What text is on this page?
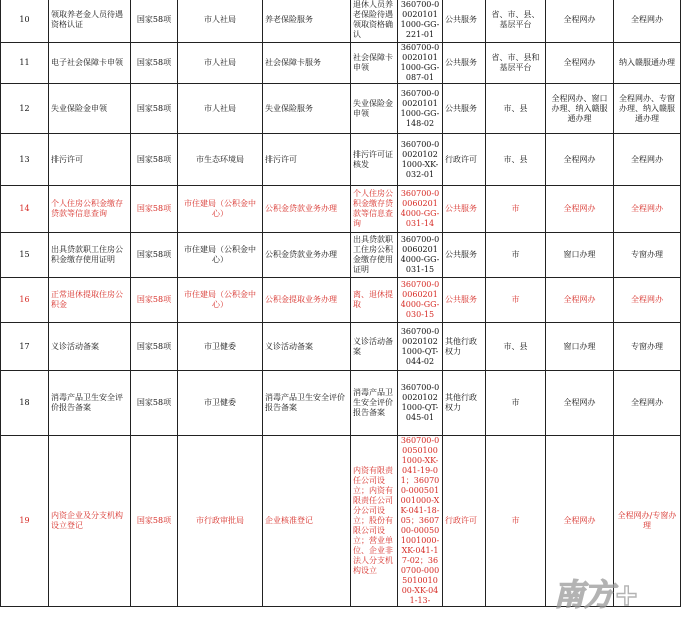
10	领取养老金人员待遇资格认证	国家58项	市人社局	养老保险服务	退休人员养老保险待遇领取资格确认	360700-000201011000-GG-221-01	公共服务	省、市、县、基层平台	全程网办	全程网办
11	电子社会保障卡申领	国家58项	市人社局	社会保障卡服务	社会保障卡申领	360700-000201011000-GG-087-01	公共服务	省、市、县和基层平台	全程网办	纳入赣服通办理
12	失业保险金申领	国家58项	市人社局	失业保险服务	失业保险金申领	360700-000201011000-GG-148-02	公共服务	市、县	全程网办、窗口办理、纳入赣服通办理	全程网办、专窗办理、纳入赣服通办理
13	排污许可	国家58项	市生态环境局	排污许可	排污许可证核发	360700-000201021000-XK-032-01	行政许可	市、县	全程网办	全程网办
14	个人住房公积金缴存贷款等信息查询	国家58项	市住建局（公积金中心）	公积金贷款业务办理	个人住房公积金缴存贷款等信息查询	360700-000602014000-GG-031-14	公共服务	市	全程网办	全程网办
15	出具贷款职工住房公积金缴存使用证明	国家58项	市住建局（公积金中心）	公积金贷款业务办理	出具贷款职工住房公积金缴存使用证明	360700-000602014000-GG-031-15	公共服务	市	窗口办理	专窗办理
16	正常退休提取住房公积金	国家58项	市住建局（公积金中心）	公积金提取业务办理	离、退休提取	360700-000602014000-GG-030-15	公共服务	市	全程网办	全程网办
17	义诊活动备案	国家58项	市卫健委	义诊活动备案	义诊活动备案	360700-000201021000-QT-044-02	其他行政权力	市、县	窗口办理	专窗办理
18	消毒产品卫生安全评价报告备案	国家58项	市卫健委	消毒产品卫生安全评价报告备案	消毒产品卫生安全评价报告备案	360700-000201021000-QT-045-01	其他行政权力	市	全程网办	全程网办
19	内资企业及分支机构设立登记	国家58项	市行政审批局	企业核准登记	内资有限责任公司设立；内资有限责任公司分公司设立；股份有限公司设立；营业单位、企业非法人分支机构设立	360700-000501001000-XK-041-19-01；360700-000501001000-XK-041-18-05；360700-000501001000-XK-041-17-02；360700-000501001000-XK-041-13-	行政许可	市	全程网办	全程网办/专窗办理
南方+
